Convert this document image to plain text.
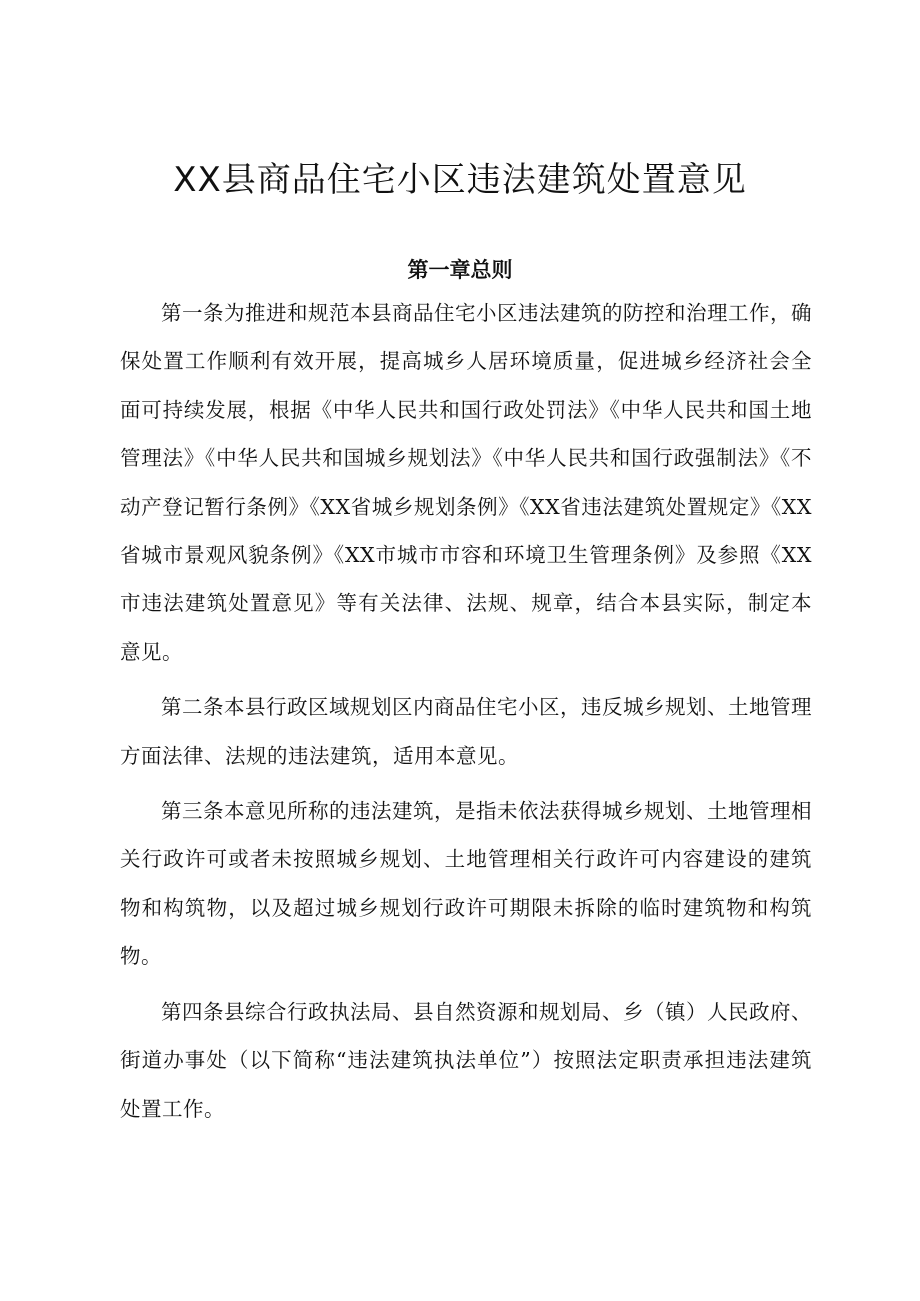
XX县商品住宅小区违法建筑处置意见
第一章总则

第一条为推进和规范本县商品住宅小区违法建筑的防控和治理工作，确保处置工作顺利有效开展，提高城乡人居环境质量，促进城乡经济社会全面可持续发展，根据《中华人民共和国行政处罚法》《中华人民共和国土地管理法》《中华人民共和国城乡规划法》《中华人民共和国行政强制法》《不动产登记暂行条例》《XX省城乡规划条例》《XX省违法建筑处置规定》《XX省城市景观风貌条例》《XX市城市市容和环境卫生管理条例》及参照《XX市违法建筑处置意见》等有关法律、法规、规章，结合本县实际，制定本意见。

第二条本县行政区域规划区内商品住宅小区，违反城乡规划、土地管理方面法律、法规的违法建筑，适用本意见。

第三条本意见所称的违法建筑，是指未依法获得城乡规划、土地管理相关行政许可或者未按照城乡规划、土地管理相关行政许可内容建设的建筑物和构筑物，以及超过城乡规划行政许可期限未拆除的临时建筑物和构筑物。

第四条县综合行政执法局、县自然资源和规划局、乡（镇）人民政府、街道办事处（以下简称“违法建筑执法单位”）按照法定职责承担违法建筑处置工作。
